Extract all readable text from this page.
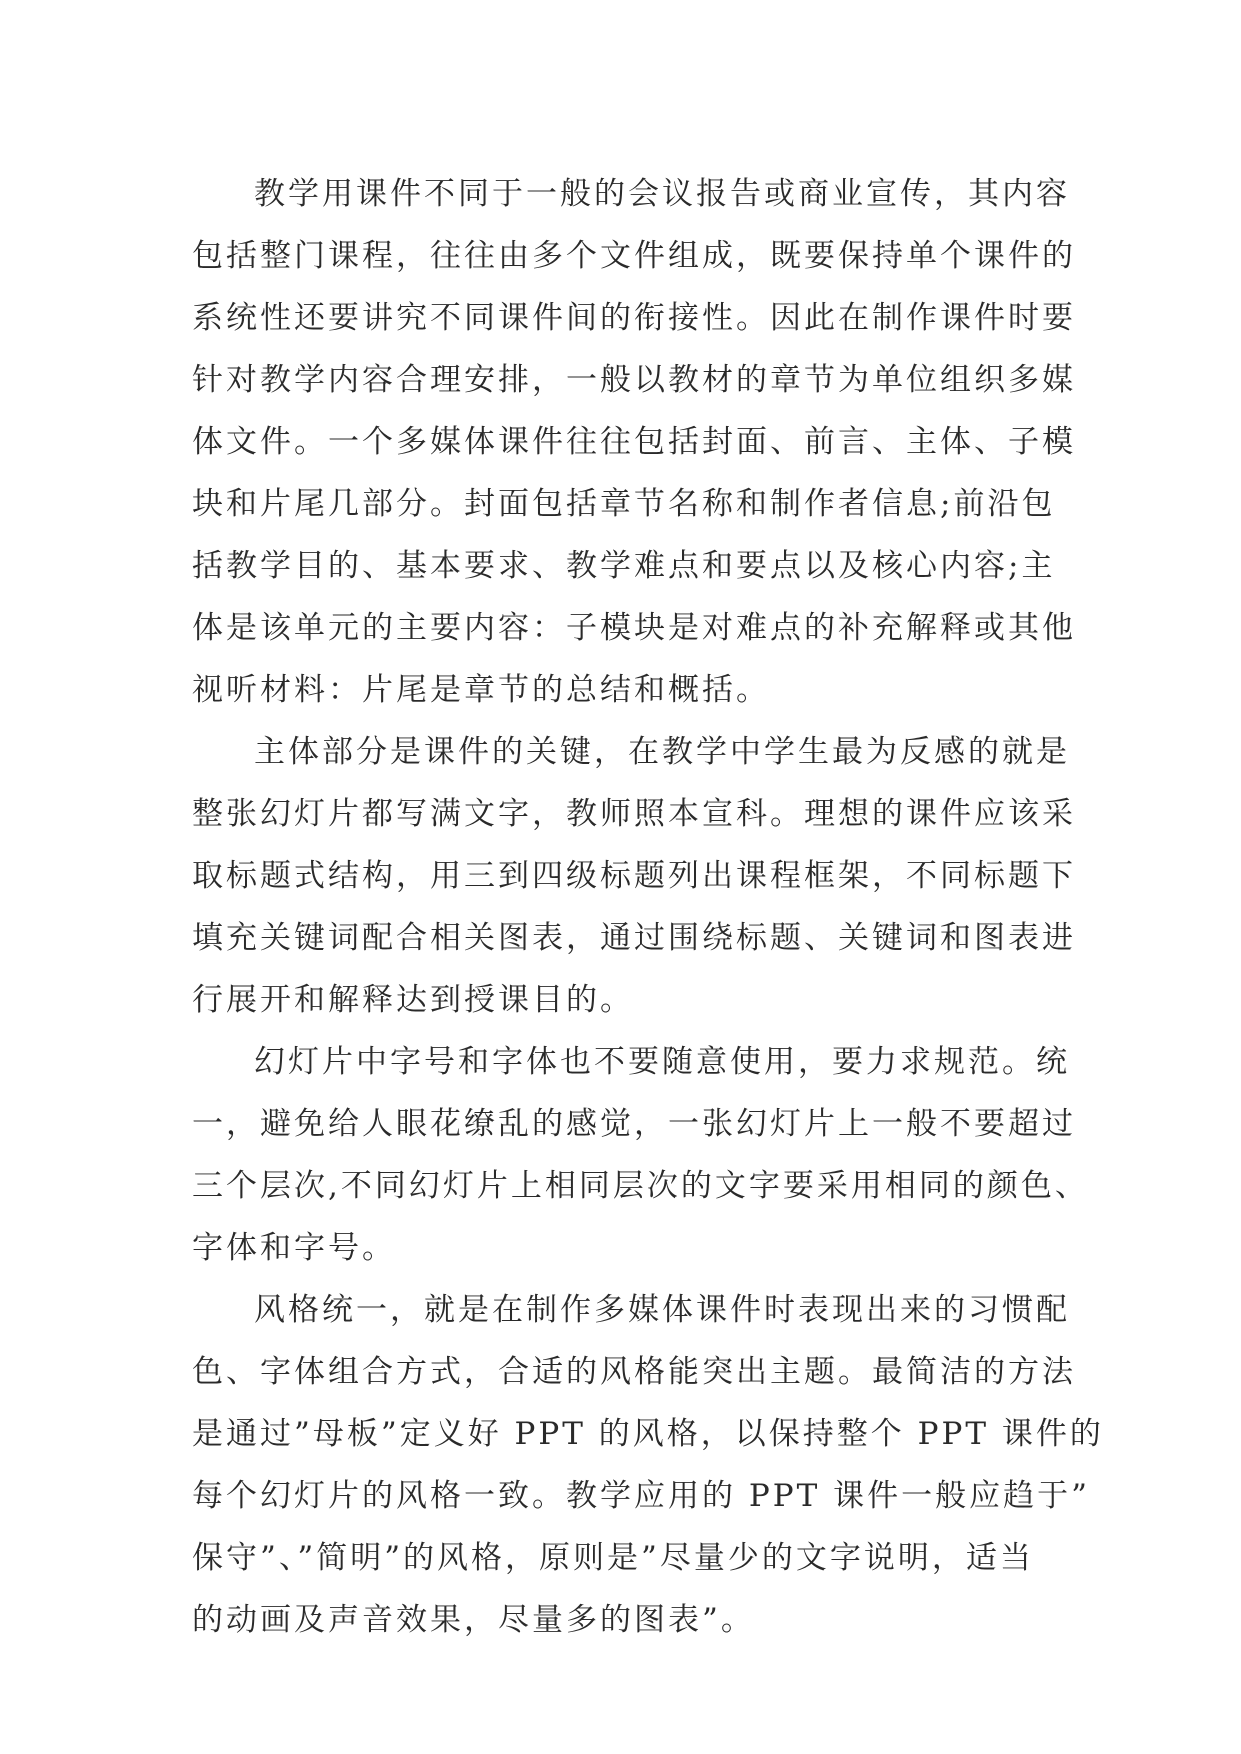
教学用课件不同于一般的会议报告或商业宣传，其内容
包括整门课程，往往由多个文件组成，既要保持单个课件的
系统性还要讲究不同课件间的衔接性。因此在制作课件时要
针对教学内容合理安排，一般以教材的章节为单位组织多媒
体文件。一个多媒体课件往往包括封面、前言、主体、子模
块和片尾几部分。封面包括章节名称和制作者信息;前沿包
括教学目的、基本要求、教学难点和要点以及核心内容;主
体是该单元的主要内容：子模块是对难点的补充解释或其他
视听材料：片尾是章节的总结和概括。
主体部分是课件的关键，在教学中学生最为反感的就是
整张幻灯片都写满文字，教师照本宣科。理想的课件应该采
取标题式结构，用三到四级标题列出课程框架，不同标题下
填充关键词配合相关图表，通过围绕标题、关键词和图表进
行展开和解释达到授课目的。
幻灯片中字号和字体也不要随意使用，要力求规范。统
一，避免给人眼花缭乱的感觉，一张幻灯片上一般不要超过
三个层次,不同幻灯片上相同层次的文字要采用相同的颜色、
字体和字号。
风格统一，就是在制作多媒体课件时表现出来的习惯配
色、字体组合方式，合适的风格能突出主题。最简洁的方法
是通过”母板”定义好 PPT 的风格，以保持整个 PPT 课件的
每个幻灯片的风格一致。教学应用的 PPT 课件一般应趋于”
保守”、”简明”的风格，原则是”尽量少的文字说明，适当
的动画及声音效果，尽量多的图表”。
